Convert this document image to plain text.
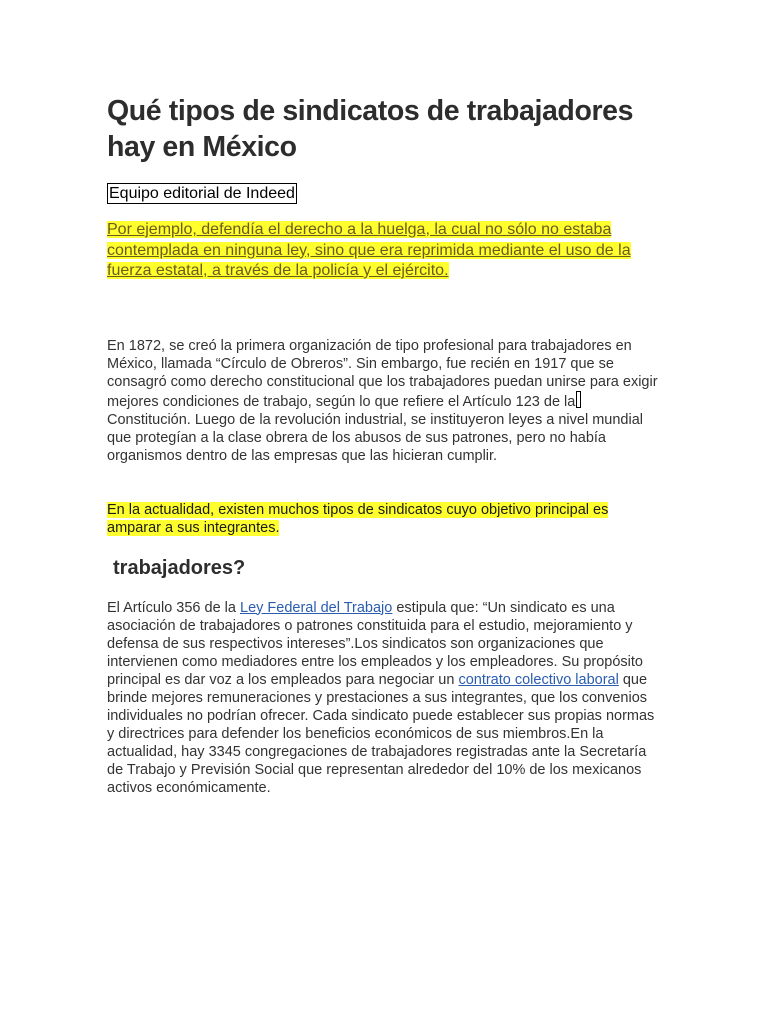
Qué tipos de sindicatos de trabajadores hay en México
Equipo editorial de Indeed

Por ejemplo, defendía el derecho a la huelga, la cual no sólo no estaba contemplada en ninguna ley, sino que era reprimida mediante el uso de la fuerza estatal, a través de la policía y el ejército.

En 1872, se creó la primera organización de tipo profesional para trabajadores en México, llamada “Círculo de Obreros”. Sin embargo, fue recién en 1917 que se consagró como derecho constitucional que los trabajadores puedan unirse para exigir mejores condiciones de trabajo, según lo que refiere el Artículo 123 de la Constitución. Luego de la revolución industrial, se instituyeron leyes a nivel mundial que protegían a la clase obrera de los abusos de sus patrones, pero no había organismos dentro de las empresas que las hicieran cumplir.

En la actualidad, existen muchos tipos de sindicatos cuyo objetivo principal es amparar a sus integrantes.

trabajadores?

El Artículo 356 de la Ley Federal del Trabajo estipula que: “Un sindicato es una asociación de trabajadores o patrones constituida para el estudio, mejoramiento y defensa de sus respectivos intereses”.Los sindicatos son organizaciones que intervienen como mediadores entre los empleados y los empleadores. Su propósito principal es dar voz a los empleados para negociar un contrato colectivo laboral que brinde mejores remuneraciones y prestaciones a sus integrantes, que los convenios individuales no podrían ofrecer. Cada sindicato puede establecer sus propias normas y directrices para defender los beneficios económicos de sus miembros.En la actualidad, hay 3345 congregaciones de trabajadores registradas ante la Secretaría de Trabajo y Previsión Social que representan alrededor del 10% de los mexicanos activos económicamente.
